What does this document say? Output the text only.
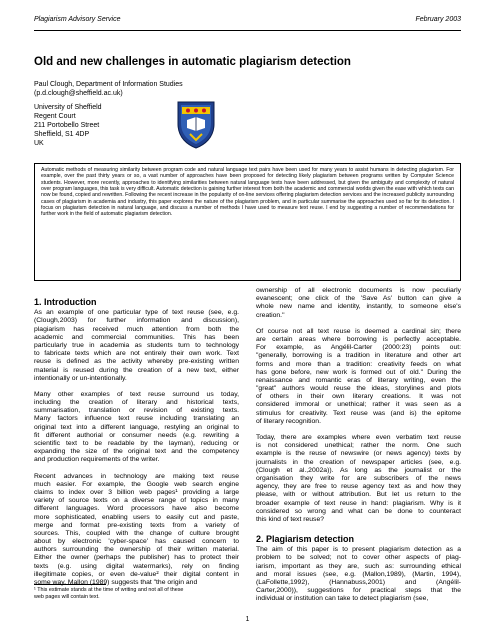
Plagiarism Advisory Service	February 2003
Old and new challenges in automatic plagiarism detection
Paul Clough, Department of Information Studies
(p.d.clough@sheffield.ac.uk)
University of Sheffield
Regent Court
211 Portobello Street
Sheffield, S1 4DP
UK
Automatic methods of measuring similarity between program code and natural language text pairs have been used for many years to assist humans in detecting plagiarism. For example, over the past thirty years or so, a vast number of approaches have been proposed for detecting likely plagiarism between programs written by Computer Science students. However, more recently, approaches to identifying similarities between natural language texts have been addressed, but given the ambiguity and complexity of natural over program languages, this task is very difficult. Automatic detection is gaining further interest from both the academic and commercial worlds given the ease with which texts can now be found, copied and rewritten. Following the recent increase in the popularity of on-line services offering plagiarism detection services and the increased publicity surrounding cases of plagiarism in academia and industry, this paper explores the nature of the plagiarism problem, and in particular summarise the approaches used so far for its detection. I focus on plagiarism detection in natural language, and discuss a number of methods I have used to measure text reuse. I end by suggesting a number of recommendations for further work in the field of automatic plagiarism detection.
1. Introduction
As an example of one particular type of text reuse (see, e.g.
(Clough,2003) for further information and discussion),
plagiarism has received much attention from both the
academic and commercial communities. This has been
particularly true in academia as students turn to technology
to fabricate texts which are not entirely their own work. Text
reuse is defined as the activity whereby pre-existing written
material is reused during the creation of a new text, either
intentionally or un-intentionally.
Many other examples of text reuse surround us today,
including the creation of literary and historical texts,
summarisation, translation or revision of existing texts.
Many factors influence text reuse including translating an
original text into a different language, restyling an original to
fit different authorial or consumer needs (e.g. rewriting a
scientific text to be readable by the layman), reducing or
expanding the size of the original text and the competency
and production requirements of the writer.
Recent advances in technology are making text reuse
much easier. For example, the Google web search engine
claims to index over 3 billion web pages¹ providing a large
variety of source texts on a diverse range of topics in many
different languages. Word processors have also become
more sophisticated, enabling users to easily cut and paste,
merge and format pre-existing texts from a variety of
sources. This, coupled with the change of culture brought
about by electronic 'cyber-space' has caused concern to
authors surrounding the ownership of their written material.
Either the owner (perhaps the publisher) has to protect their
texts (e.g. using digital watermarks), rely on finding
illegitimate copies, or even de-value² their digital content in
some way. Mallon (1989) suggests that "the origin and
ownership of all electronic documents is now peculiarly
evanescent; one click of the 'Save As' button can give a
whole new name and identity, instantly, to someone else's
creation."
Of course not all text reuse is deemed a cardinal sin; there
are certain areas where borrowing is perfectly acceptable.
For example, as Angélil-Carter (2000:23) points out:
"generally, borrowing is a tradition in literature and other art
forms and more than a tradition: creativity feeds on what
has gone before, new work is formed out of old." During the
renaissance and romantic eras of literary writing, even the
"great" authors would reuse the ideas, storylines and plots
of others in their own literary creations. It was not
considered immoral or unethical; rather it was seen as a
stimulus for creativity. Text reuse was (and is) the epitome
of literary recognition.
Today, there are examples where even verbatim text reuse
is not considered unethical; rather the norm. One such
example is the reuse of newswire (or news agency) texts by
journalists in the creation of newspaper articles (see, e.g.
(Clough et al.,2002a)). As long as the journalist or the
organisation they write for are subscribers of the news
agency, they are free to reuse agency text as and how they
please, with or without attribution. But let us return to the
broader example of text reuse in hand: plagiarism. Why is it
considered so wrong and what can be done to counteract
this kind of text reuse?
2. Plagiarism detection
The aim of this paper is to present plagiarism detection as a
problem to be solved; not to cover other aspects of plag-
iarism, important as they are, such as: surrounding ethical
and moral issues (see, e.g. (Mallon,1989), (Martin, 1994),
(LaFollette,1992), (Hannabuss,2001) and (Angélil-
Carter,2000)), suggestions for practical steps that the
individual or institution can take to detect plagiarism (see,
¹ This estimate stands at the time of writing and not all of these
web pages will contain text.
1
